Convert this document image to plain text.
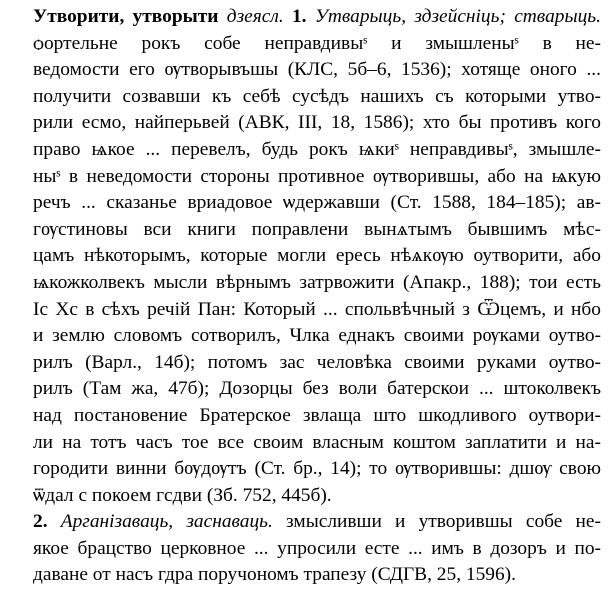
Утворити, утворыти дзеясл. 1. Утварыць, здзейсніць; стварыць.
ѻортельне рокъ собе неправдивыˢ и змышленыˢ в не-
ведомости его ѹтворывъшы (КЛС, 5б–6, 1536); хотяще оного ...
получити созвавши къ себѣ сусѣдъ нашихъ съ которыми утво-
рили есмо, найперьвей (АВК, III, 18, 1586); хто бы противъ кого
право ѩкое ... перевелъ, будь рокъ ѩкиˢ неправдивыˢ, змышле-
ныˢ в неведомости стороны противное ѹтворившы, або на ѩкую
речъ ... сказанье вриадовое ѡдержавши (Ст. 1588, 184–185); ав-
гѹстиновы вси книги поправлени вынѧтымъ бывшимъ мѣс-
цамъ нѣкоторымъ, которые могли ересь нѣѧкѹю оутворити, або
ѩкожколвекъ мысли вѣрнымъ затрвожити (Апакр., 188); тои есть
Іс Хс в сѣхъ речій Пан: Который ... спольвѣчный з Ѿцемъ, и нбо
и землю словомъ сотворилъ, Члка еднакъ своими рѹками оутво-
рилъ (Варл., 14б); потомъ зас человѣка своими руками оутво-
рилъ (Там жа, 47б); Дозорцы без воли батерскои ... штоколвекъ
над постановение Братерское звлаща што шкодливого оутвори-
ли на тотъ часъ тое все своим власным коштом заплатити и на-
городити винни бѹдѹтъ (Ст. бр., 14); то ѹтворившы: дшѹ свою
ѿдал с покоем гсдви (Зб. 752, 445б).
2. Арганізаваць, заснаваць. змысливши и утворившы собе не-
якое брацство церковное ... упросили есте ... имъ в дозоръ и по-
даване от насъ гдра поручономъ трапезу (СДГВ, 25, 1596).
